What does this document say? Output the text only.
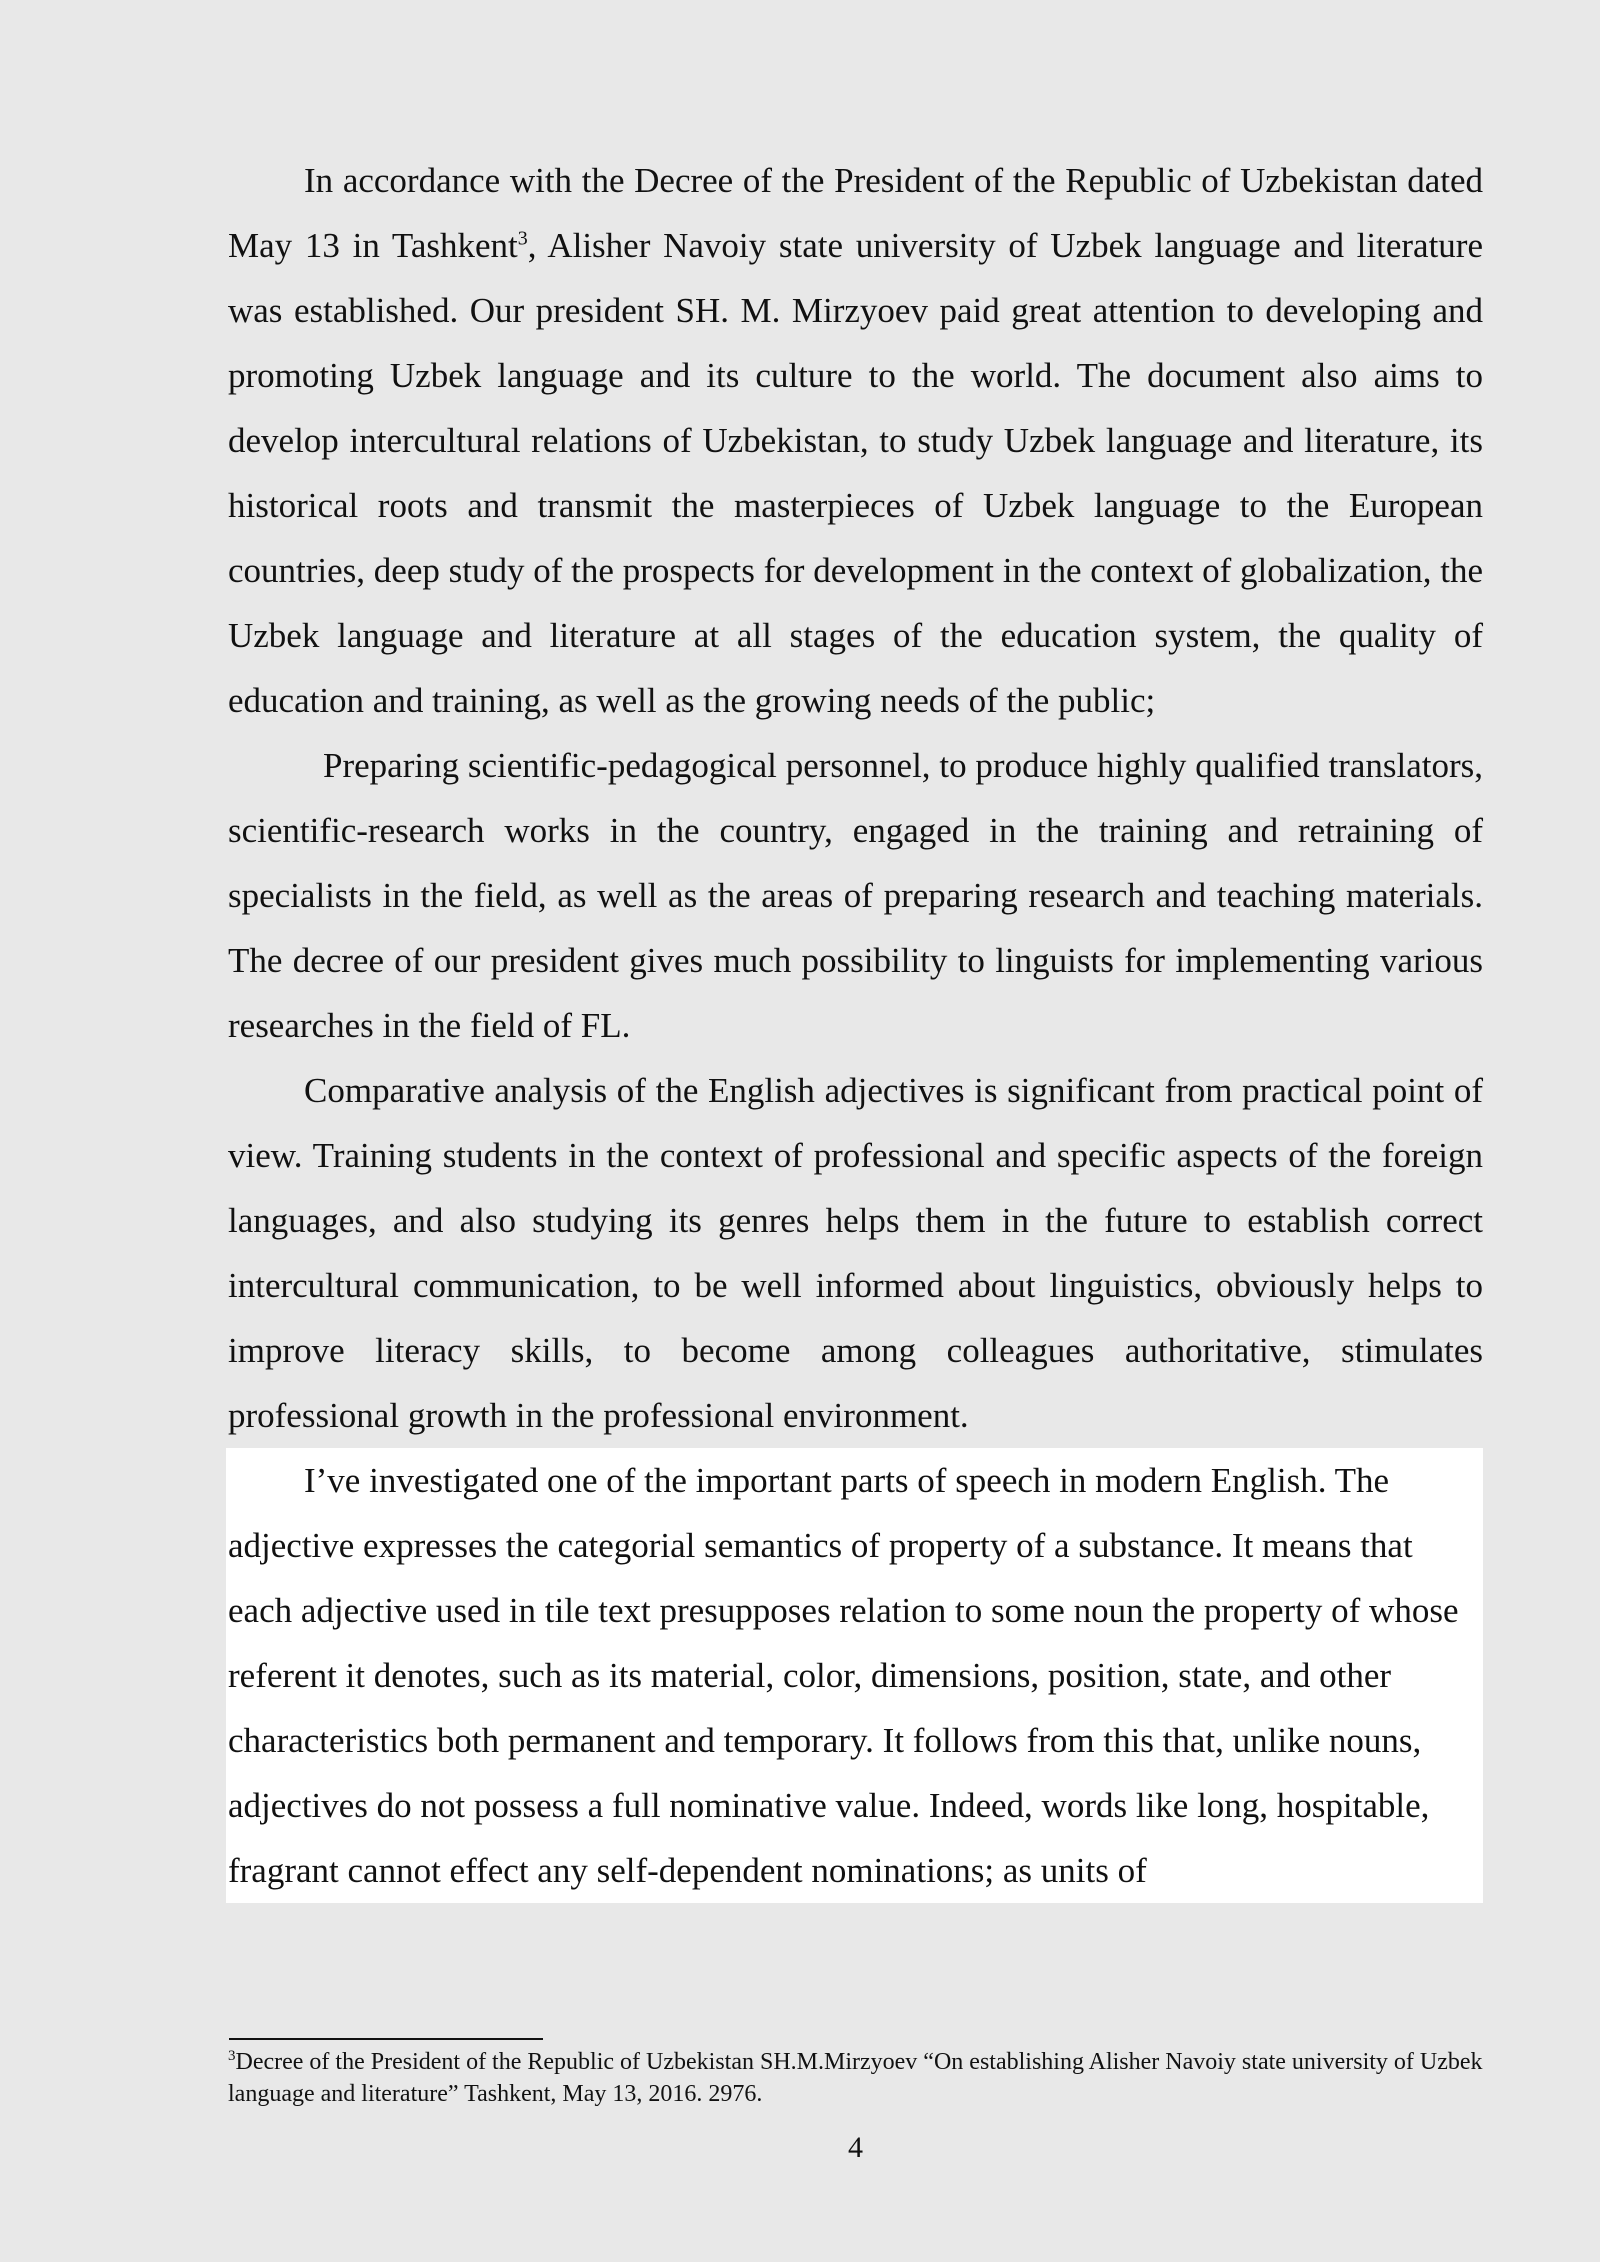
In accordance with the Decree of the President of the Republic of Uzbekistan dated May 13 in Tashkent$^3$, Alisher Navoiy state university of Uzbek language and literature was established. Our president SH. M. Mirzyoev paid great attention to developing and promoting Uzbek language and its culture to the world. The document also aims to develop intercultural relations of Uzbekistan, to study Uzbek language and literature, its historical roots and transmit the masterpieces of Uzbek language to the European countries, deep study of the prospects for development in the context of globalization, the Uzbek language and literature at all stages of the education system, the quality of education and training, as well as the growing needs of the public;

Preparing scientific-pedagogical personnel, to produce highly qualified translators, scientific-research works in the country, engaged in the training and retraining of specialists in the field, as well as the areas of preparing research and teaching materials. The decree of our president gives much possibility to linguists for implementing various researches in the field of FL.

Comparative analysis of the English adjectives is significant from practical point of view. Training students in the context of professional and specific aspects of the foreign languages, and also studying its genres helps them in the future to establish correct intercultural communication, to be well informed about linguistics, obviously helps to improve literacy skills, to become among colleagues authoritative, stimulates professional growth in the professional environment.

I’ve investigated one of the important parts of speech in modern English. The adjective expresses the categorial semantics of property of a substance. It means that each adjective used in tile text presupposes relation to some noun the property of whose referent it denotes, such as its material, color, dimensions, position, state, and other characteristics both permanent and temporary. It follows from this that, unlike nouns, adjectives do not possess a full nominative value. Indeed, words like long, hospitable, fragrant cannot effect any self-dependent nominations; as units of

$^3$Decree of the President of the Republic of Uzbekistan SH.M.Mirzyoev “On establishing Alisher Navoiy state university of Uzbek language and literature” Tashkent, May 13, 2016. 2976.

4
